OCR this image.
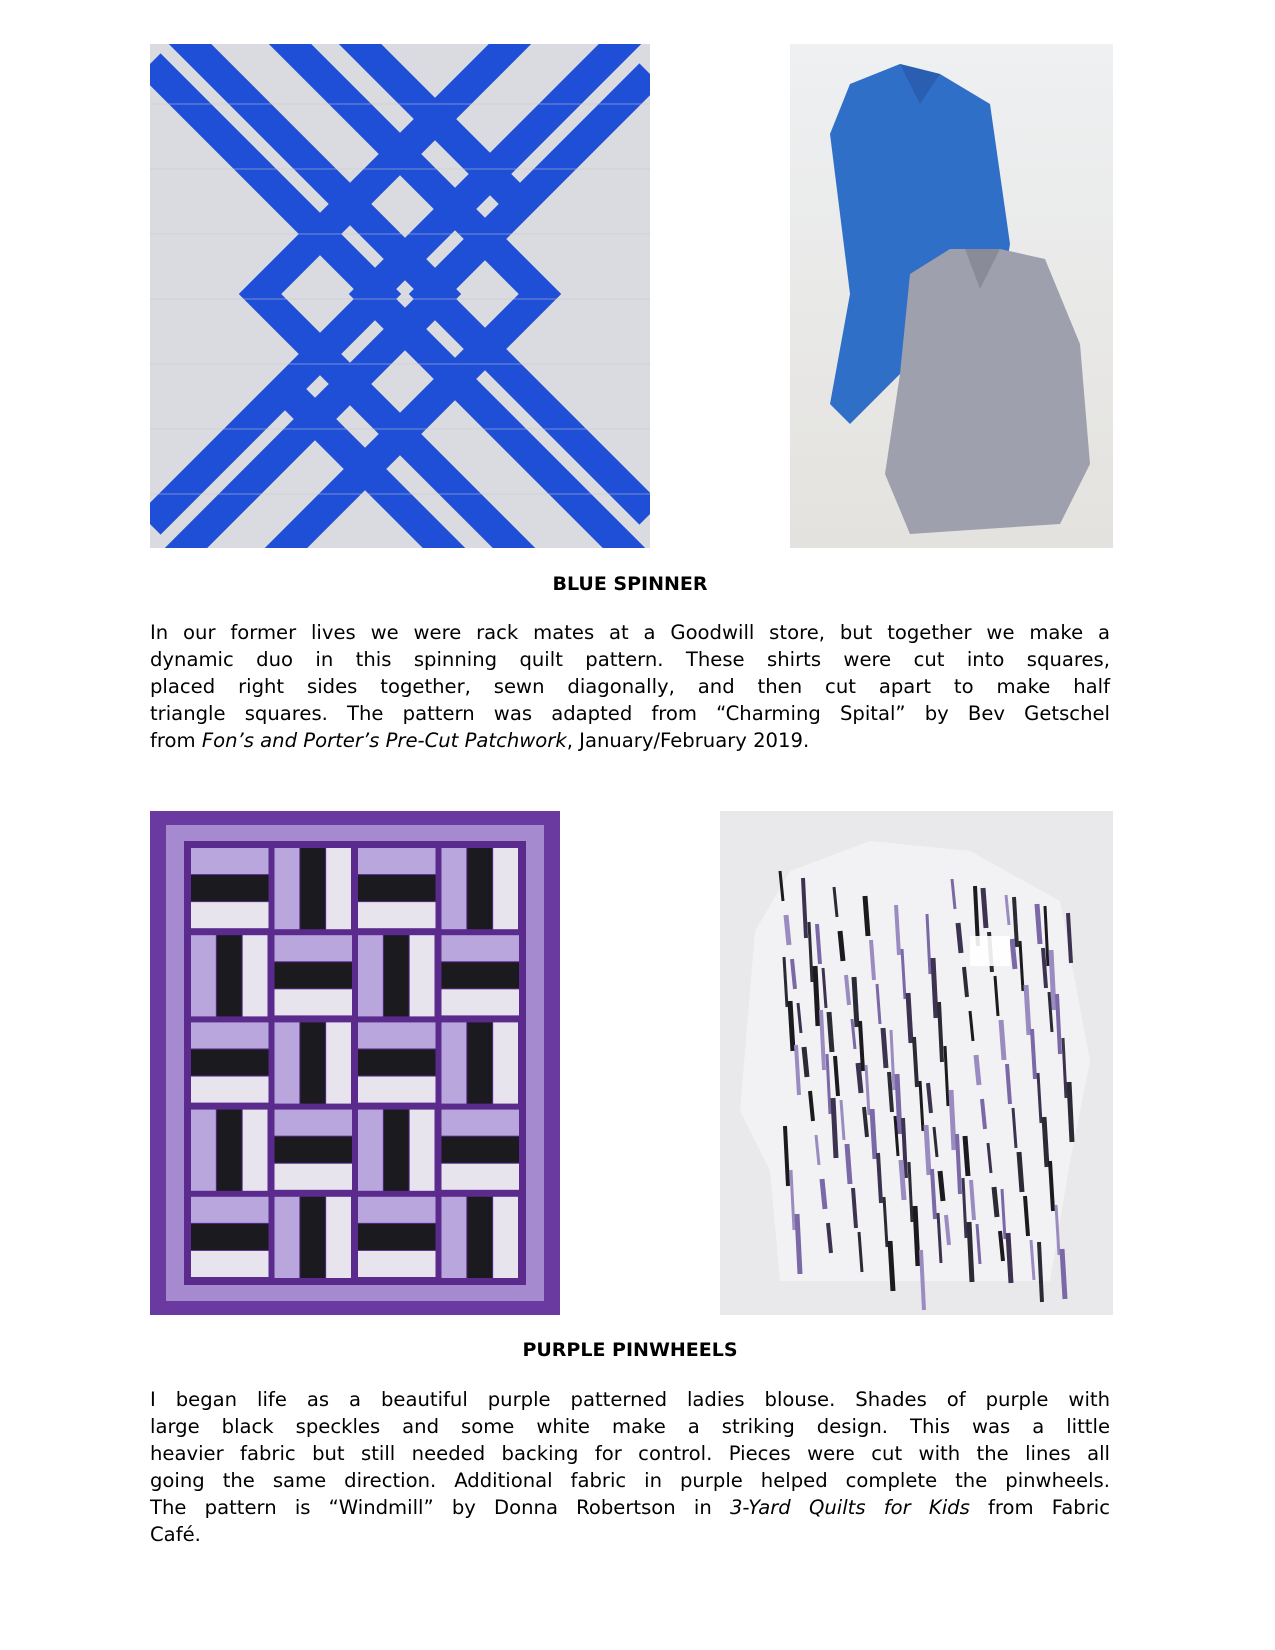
BLUE SPINNER

In our former lives we were rack mates at a Goodwill store, but together we make a

dynamic duo in this spinning quilt pattern. These shirts were cut into squares,

placed right sides together, sewn diagonally, and then cut apart to make half

triangle squares. The pattern was adapted from “Charming Spital” by Bev Getschel

from Fon’s and Porter’s Pre-Cut Patchwork, January/February 2019.

PURPLE PINWHEELS

I began life as a beautiful purple patterned ladies blouse. Shades of purple with

large black speckles and some white make a striking design. This was a little

heavier fabric but still needed backing for control. Pieces were cut with the lines all

going the same direction. Additional fabric in purple helped complete the pinwheels.

The pattern is “Windmill” by Donna Robertson in 3-Yard Quilts for Kids from Fabric

Café.
